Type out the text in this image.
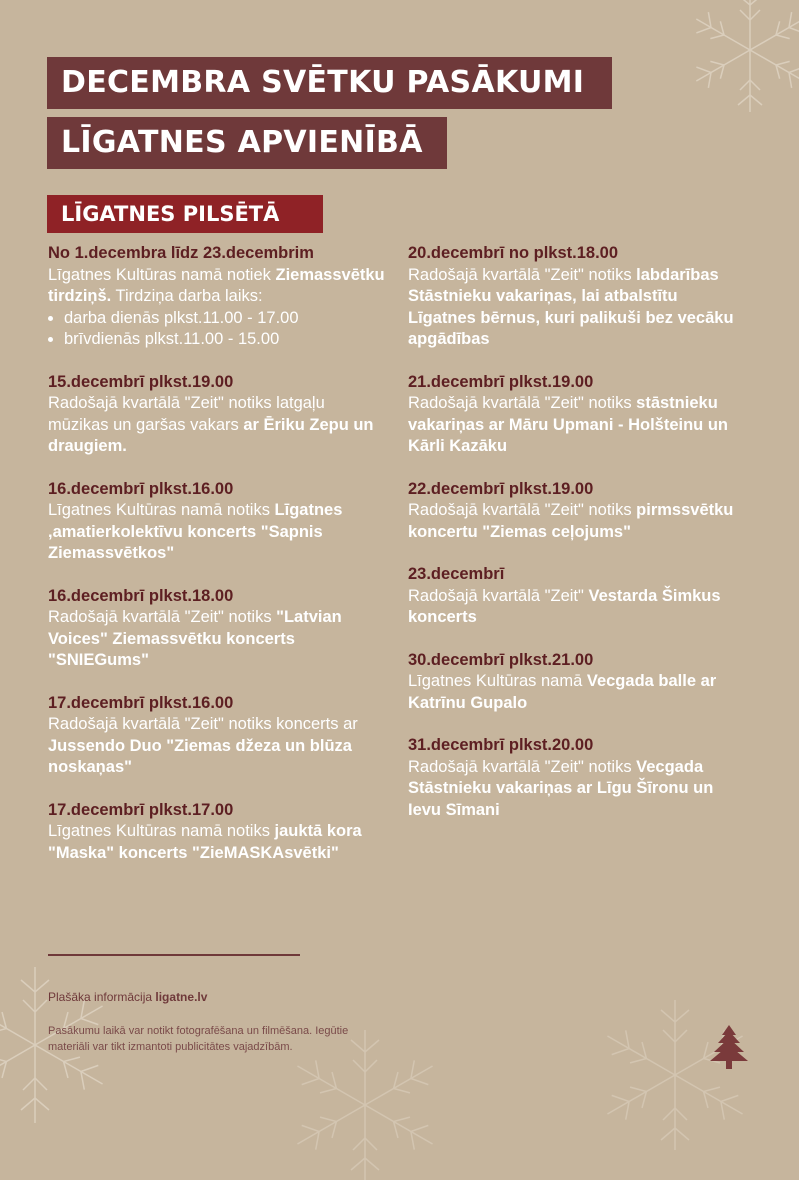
DECEMBRA SVĒTKU PASĀKUMI
LĪGATNES APVIENĪBĀ
LĪGATNES PILSĒTĀ
No 1.decembra līdz 23.decembrim
Līgatnes Kultūras namā notiek Ziemassvētku tirdziņš. Tirdziņa darba laiks:
• darba dienās plkst.11.00 - 17.00
• brīvdienās plkst.11.00 - 15.00
15.decembrī plkst.19.00
Radošajā kvartālā "Zeit" notiks latgaļu mūzikas un garšas vakars ar Ēriku Zepu un draugiem.
16.decembrī plkst.16.00
Līgatnes Kultūras namā notiks Līgatnes ,amatierkolektīvu koncerts "Sapnis Ziemassvētkos"
16.decembrī plkst.18.00
Radošajā kvartālā "Zeit" notiks "Latvian Voices" Ziemassvētku koncerts "SNIEGums"
17.decembrī plkst.16.00
Radošajā kvartālā "Zeit" notiks koncerts ar Jussendo Duo "Ziemas džeza un blūza noskaņas"
17.decembrī plkst.17.00
Līgatnes Kultūras namā notiks jauktā kora "Maska" koncerts "ZieMASKAsvētki"
20.decembrī no plkst.18.00
Radošajā kvartālā "Zeit" notiks labdarības Stāstnieku vakariņas, lai atbalstītu Līgatnes bērnus, kuri palikuši bez vecāku apgādības
21.decembrī plkst.19.00
Radošajā kvartālā "Zeit" notiks stāstnieku vakariņas ar Māru Upmani - Holšteinu un Kārli Kazāku
22.decembrī plkst.19.00
Radošajā kvartālā "Zeit" notiks pirmssvētku koncertu "Ziemas ceļojums"
23.decembrī
Radošajā kvartālā "Zeit" Vestarda Šimkus koncerts
30.decembrī plkst.21.00
Līgatnes Kultūras namā Vecgada balle ar Katrīnu Gupalo
31.decembrī plkst.20.00
Radošajā kvartālā "Zeit" notiks Vecgada Stāstnieku vakariņas ar Līgu Šīronu un Ievu Sīmani
Plašāka informācija ligatne.lv
Pasākumu laikā var notikt fotografēšana un filmēšana. Iegūtie materiāli var tikt izmantoti publicitātes vajadzībām.
